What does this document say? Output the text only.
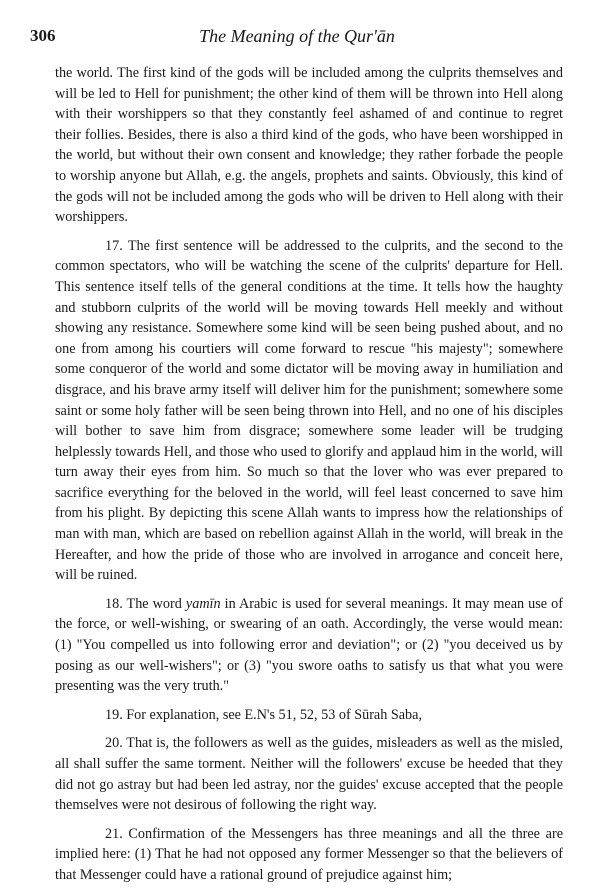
306	The Meaning of the Qur'ān

the world. The first kind of the gods will be included among the culprits themselves and will be led to Hell for punishment; the other kind of them will be thrown into Hell along with their worshippers so that they constantly feel ashamed of and continue to regret their follies. Besides, there is also a third kind of the gods, who have been worshipped in the world, but without their own consent and knowledge; they rather forbade the people to worship anyone but Allah, e.g. the angels, prophets and saints. Obviously, this kind of the gods will not be included among the gods who will be driven to Hell along with their worshippers.

17. The first sentence will be addressed to the culprits, and the second to the common spectators, who will be watching the scene of the culprits' departure for Hell. This sentence itself tells of the general conditions at the time. It tells how the haughty and stubborn culprits of the world will be moving towards Hell meekly and without showing any resistance. Somewhere some kind will be seen being pushed about, and no one from among his courtiers will come forward to rescue "his majesty"; somewhere some conqueror of the world and some dictator will be moving away in humiliation and disgrace, and his brave army itself will deliver him for the punishment; somewhere some saint or some holy father will be seen being thrown into Hell, and no one of his disciples will bother to save him from disgrace; somewhere some leader will be trudging helplessly towards Hell, and those who used to glorify and applaud him in the world, will turn away their eyes from him. So much so that the lover who was ever prepared to sacrifice everything for the beloved in the world, will feel least concerned to save him from his plight. By depicting this scene Allah wants to impress how the relationships of man with man, which are based on rebellion against Allah in the world, will break in the Hereafter, and how the pride of those who are involved in arrogance and conceit here, will be ruined.

18. The word yamīn in Arabic is used for several meanings. It may mean use of the force, or well-wishing, or swearing of an oath. Accordingly, the verse would mean: (1) "You compelled us into following error and deviation"; or (2) "you deceived us by posing as our well-wishers"; or (3) "you swore oaths to satisfy us that what you were presenting was the very truth."

19. For explanation, see E.N's 51, 52, 53 of Sūrah Saba,

20. That is, the followers as well as the guides, misleaders as well as the misled, all shall suffer the same torment. Neither will the followers' excuse be heeded that they did not go astray but had been led astray, nor the guides' excuse accepted that the people themselves were not desirous of following the right way.

21. Confirmation of the Messengers has three meanings and all the three are implied here: (1) That he had not opposed any former Messenger so that the believers of that Messenger could have a rational ground of prejudice against him;
